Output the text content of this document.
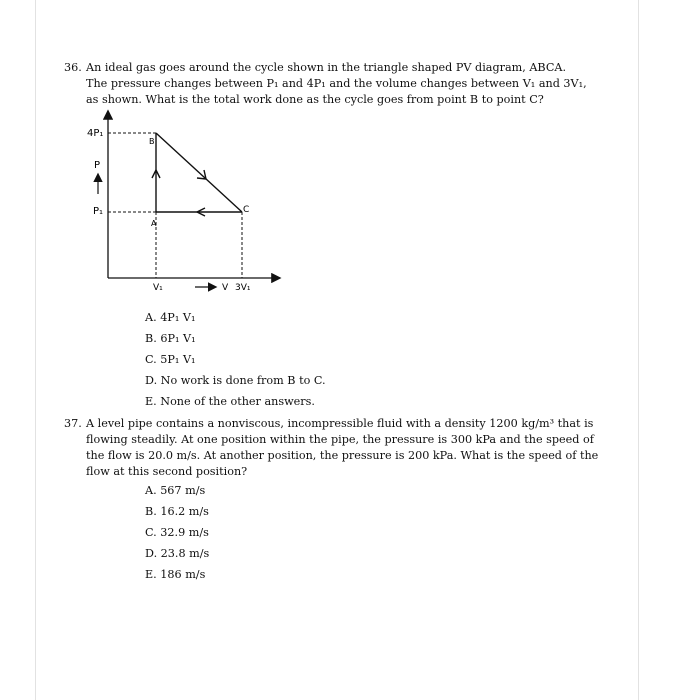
36. An ideal gas goes around the cycle shown in the triangle shaped PV diagram, ABCA.
The pressure changes between P₁ and 4P₁ and the volume changes between V₁ and 3V₁,
as shown. What is the total work done as the cycle goes from point B to point C?
4P₁
P
P₁
B
A
C
V₁	V 3V₁
A. 4P₁ V₁
B. 6P₁ V₁
C. 5P₁ V₁
D. No work is done from B to C.
E. None of the other answers.
37. A level pipe contains a nonviscous, incompressible fluid with a density 1200 kg/m³ that is
flowing steadily. At one position within the pipe, the pressure is 300 kPa and the speed of
the flow is 20.0 m/s. At another position, the pressure is 200 kPa. What is the speed of the
flow at this second position?
A. 567 m/s
B. 16.2 m/s
C. 32.9 m/s
D. 23.8 m/s
E. 186 m/s
